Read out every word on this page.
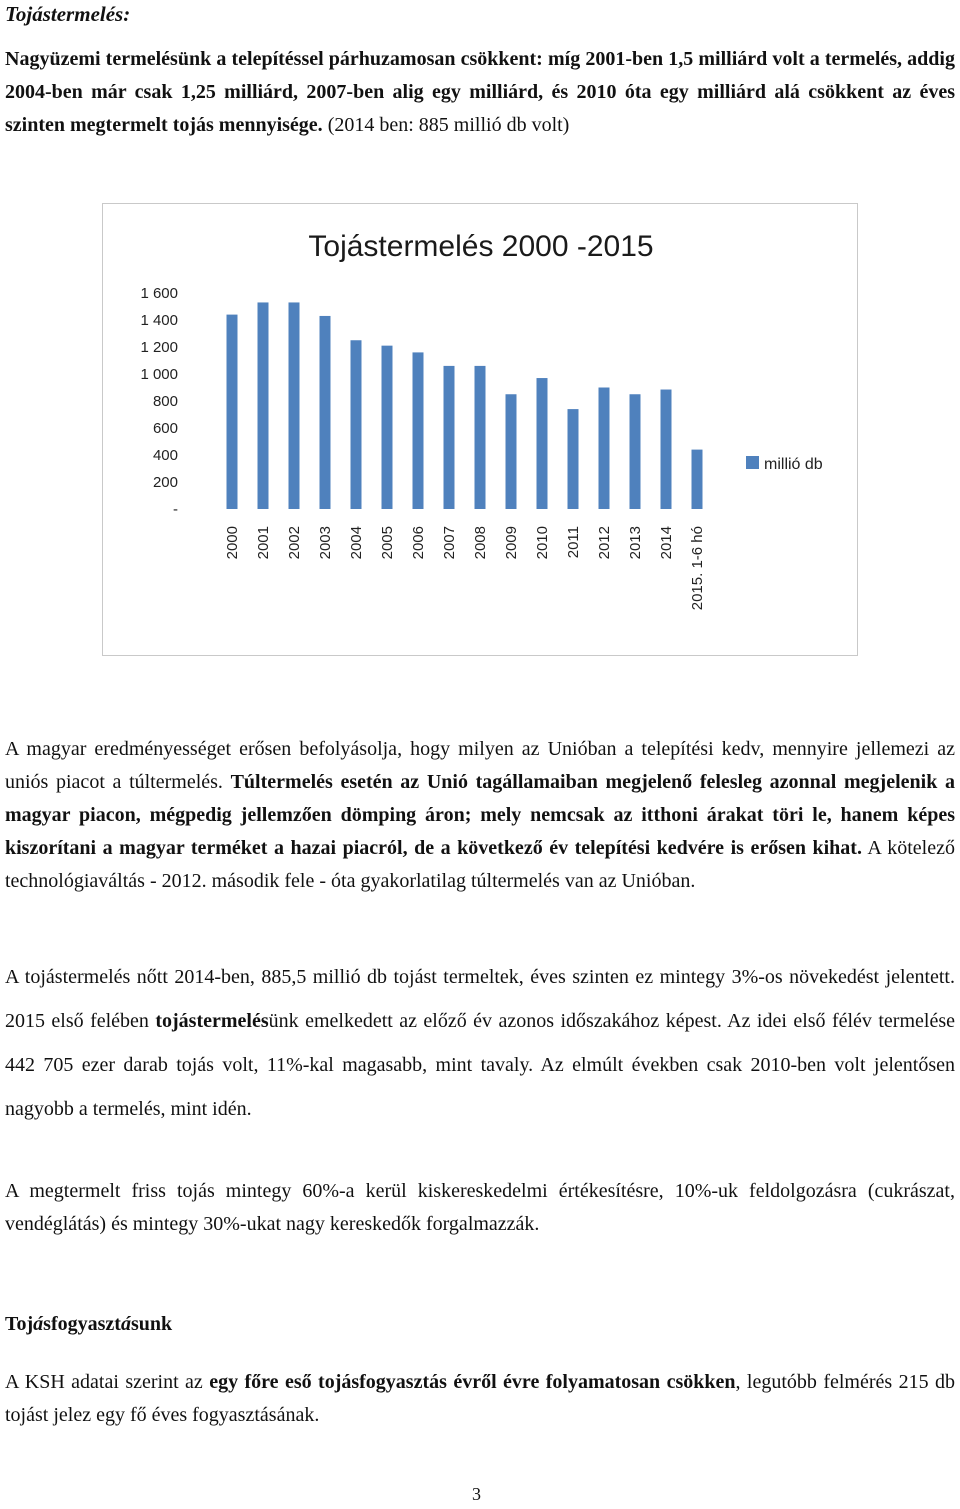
Tojástermelés:

Nagyüzemi termelésünk a telepítéssel párhuzamosan csökkent: míg 2001-ben 1,5 milliárd volt a termelés, addig 2004-ben már csak 1,25 milliárd, 2007-ben alig egy milliárd, és 2010 óta egy milliárd alá csökkent az éves szinten megtermelt tojás mennyisége. (2014 ben: 885 millió db volt)

Tojástermelés 2000 -2015
1 600
1 400
1 200
1 000
800
600
400
200
-
2000 2001 2002 2003 2004 2005 2006 2007 2008 2009 2010 2011 2012 2013 2014 2015. 1-6 hó
millió db

A magyar eredményességet erősen befolyásolja, hogy milyen az Unióban a telepítési kedv, mennyire jellemezi az uniós piacot a túltermelés. Túltermelés esetén az Unió tagállamaiban megjelenő felesleg azonnal megjelenik a magyar piacon, mégpedig jellemzően dömping áron; mely nemcsak az itthoni árakat töri le, hanem képes kiszorítani a magyar terméket a hazai piacról, de a következő év telepítési kedvére is erősen kihat. A kötelező technológiaváltás - 2012. második fele - óta gyakorlatilag túltermelés van az Unióban.

A tojástermelés nőtt 2014-ben, 885,5 millió db tojást termeltek, éves szinten ez mintegy 3%-os növekedést jelentett. 2015 első felében tojástermelésünk emelkedett az előző év azonos időszakához képest. Az idei első félév termelése 442 705 ezer darab tojás volt, 11%-kal magasabb, mint tavaly. Az elmúlt években csak 2010-ben volt jelentősen nagyobb a termelés, mint idén.

A megtermelt friss tojás mintegy 60%-a kerül kiskereskedelmi értékesítésre, 10%-uk feldolgozásra (cukrászat, vendéglátás) és mintegy 30%-ukat nagy kereskedők forgalmazzák.

Tojásfogyasztásunk

A KSH adatai szerint az egy főre eső tojásfogyasztás évről évre folyamatosan csökken, legutóbb felmérés 215 db tojást jelez egy fő éves fogyasztásának.

3
